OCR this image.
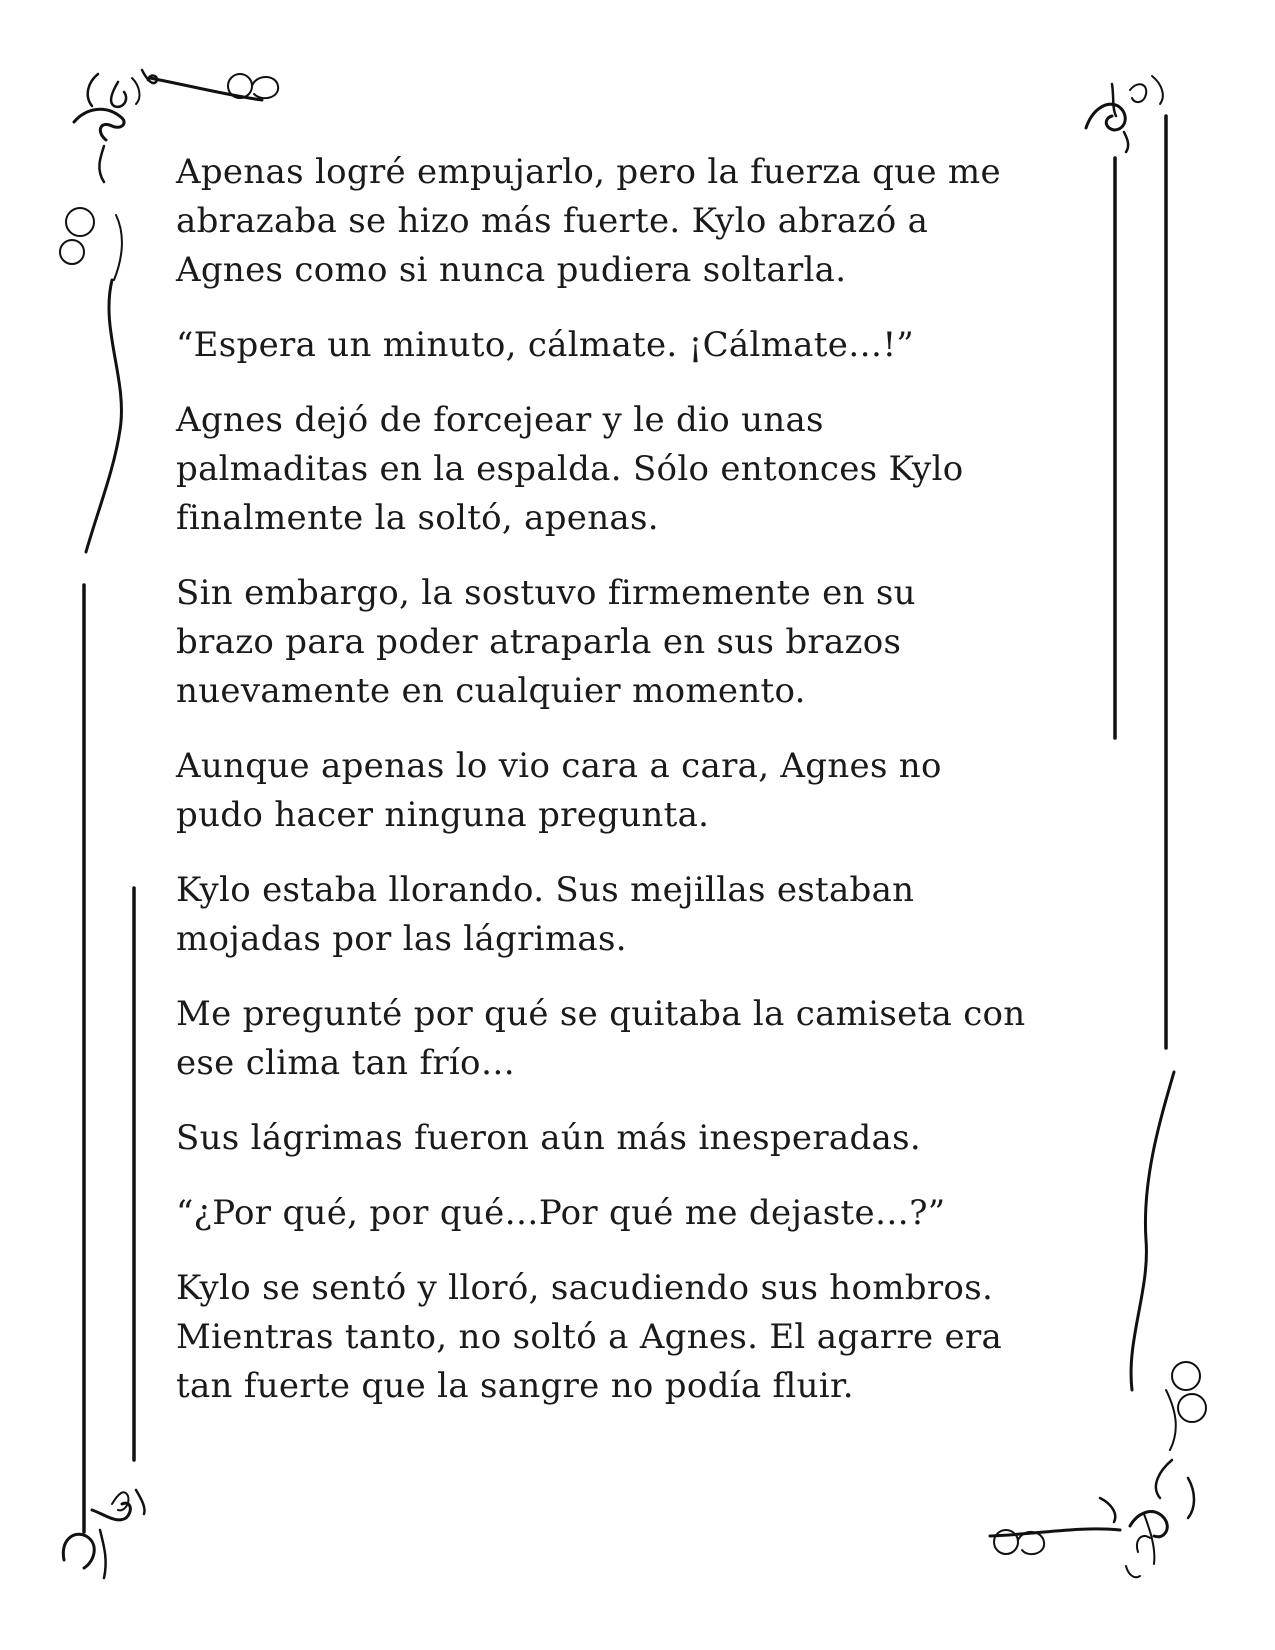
Apenas logré empujarlo, pero la fuerza que me
abrazaba se hizo más fuerte. Kylo abrazó a
Agnes como si nunca pudiera soltarla.
“Espera un minuto, cálmate. ¡Cálmate…!”
Agnes dejó de forcejear y le dio unas
palmaditas en la espalda. Sólo entonces Kylo
finalmente la soltó, apenas.
Sin embargo, la sostuvo firmemente en su
brazo para poder atraparla en sus brazos
nuevamente en cualquier momento.
Aunque apenas lo vio cara a cara, Agnes no
pudo hacer ninguna pregunta.
Kylo estaba llorando. Sus mejillas estaban
mojadas por las lágrimas.
Me pregunté por qué se quitaba la camiseta con
ese clima tan frío…
Sus lágrimas fueron aún más inesperadas.
“¿Por qué, por qué…Por qué me dejaste…?”
Kylo se sentó y lloró, sacudiendo sus hombros.
Mientras tanto, no soltó a Agnes. El agarre era
tan fuerte que la sangre no podía fluir.
